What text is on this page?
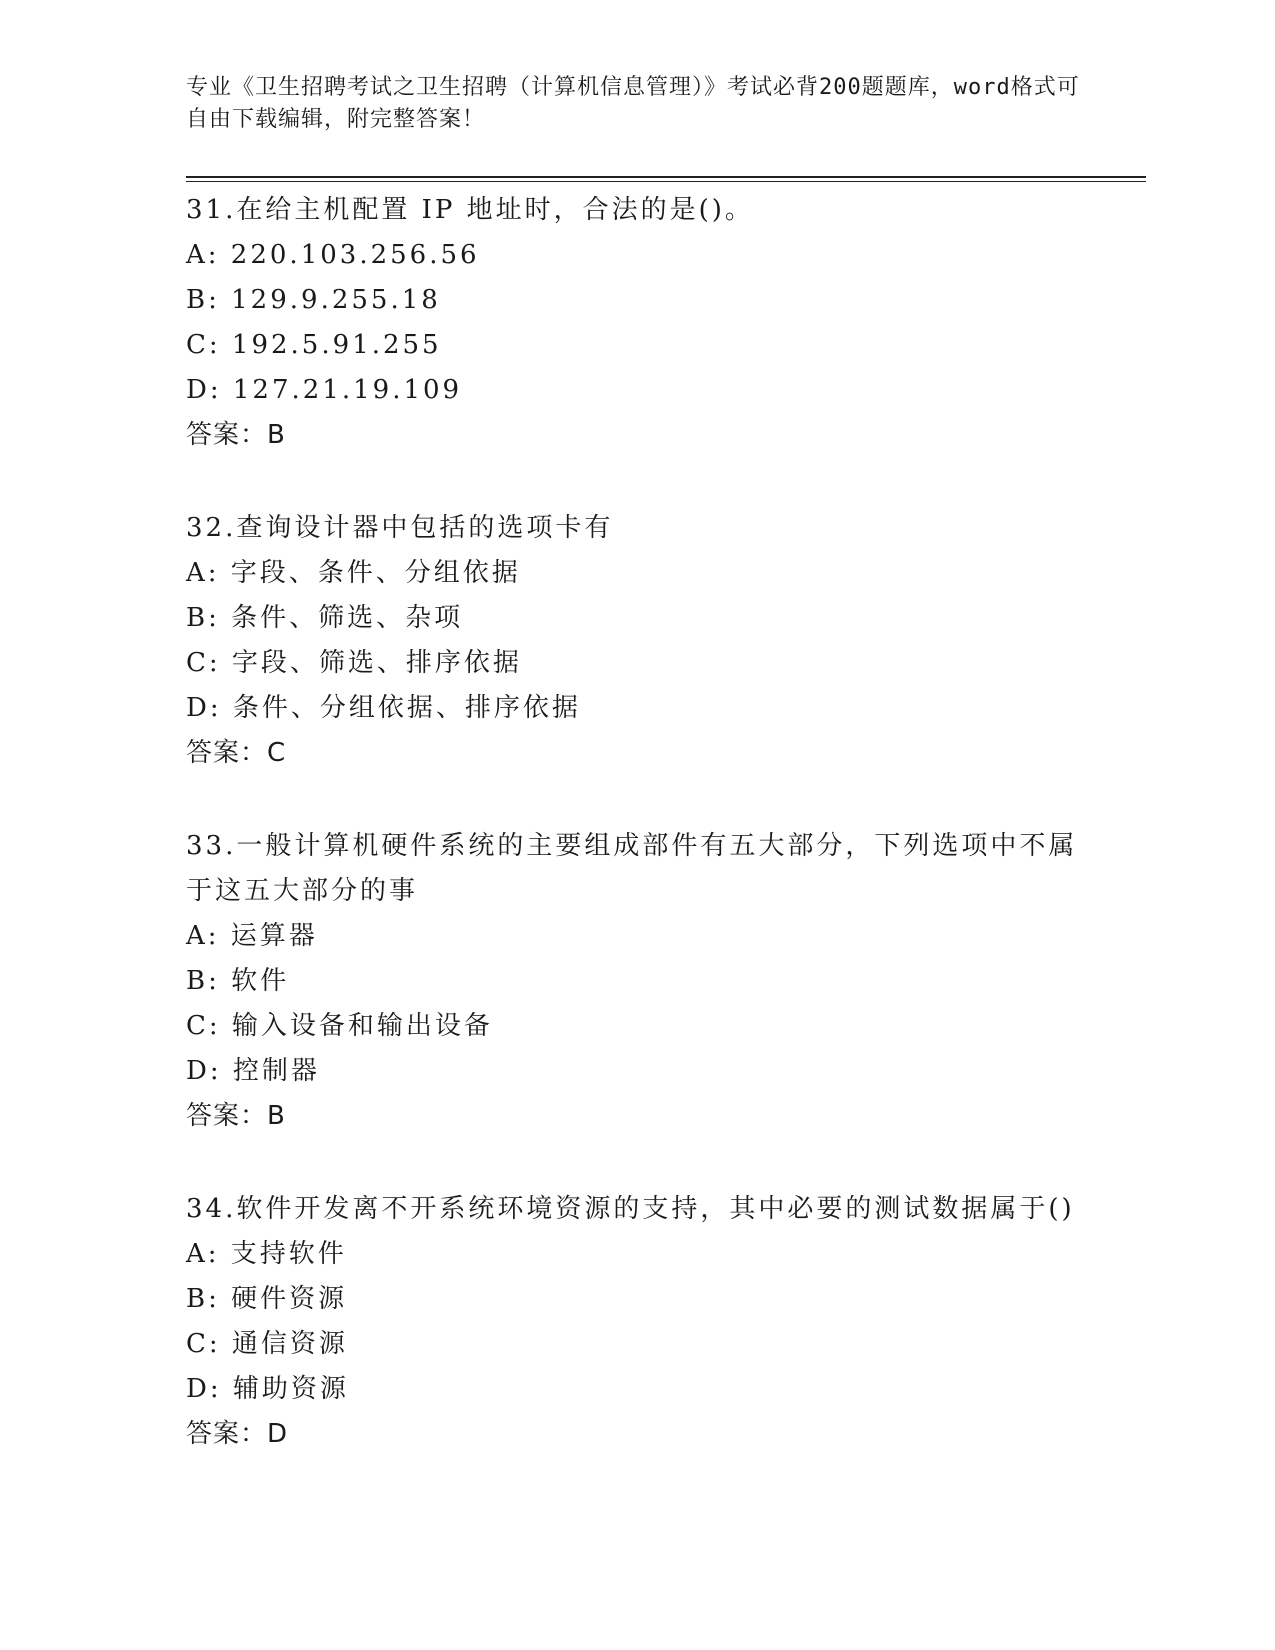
专业《卫生招聘考试之卫生招聘（计算机信息管理）》考试必背200题题库，word格式可自由下载编辑，附完整答案！

31.在给主机配置 IP 地址时，合法的是()。

A: 220.103.256.56

B: 129.9.255.18

C: 192.5.91.255

D: 127.21.19.109

答案：B

32.查询设计器中包括的选项卡有

A: 字段、条件、分组依据

B: 条件、筛选、杂项

C: 字段、筛选、排序依据

D: 条件、分组依据、排序依据

答案：C

33.一般计算机硬件系统的主要组成部件有五大部分，下列选项中不属于这五大部分的事

A: 运算器

B: 软件

C: 输入设备和输出设备

D: 控制器

答案：B

34.软件开发离不开系统环境资源的支持，其中必要的测试数据属于()

A: 支持软件

B: 硬件资源

C: 通信资源

D: 辅助资源

答案：D
